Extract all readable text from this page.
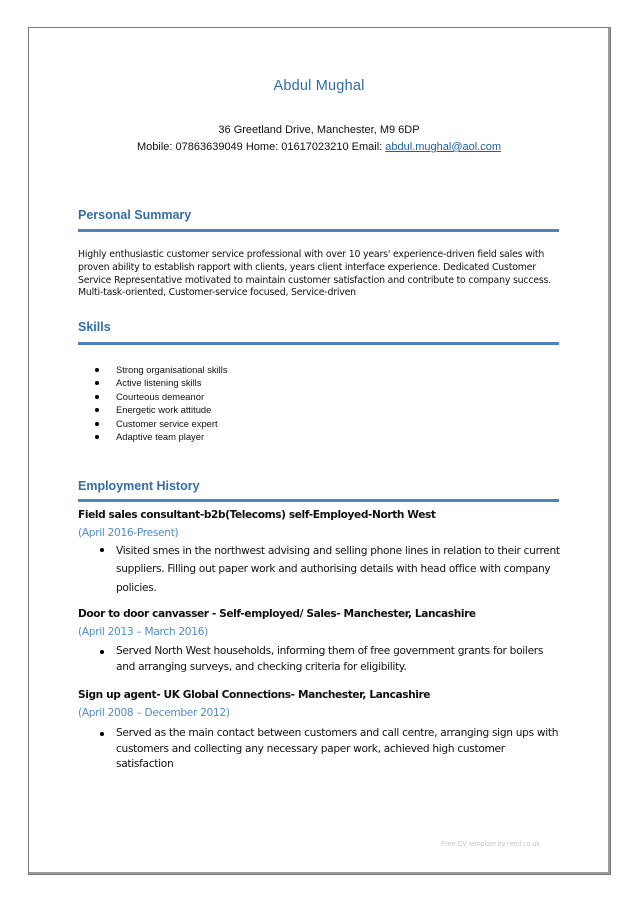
Abdul Mughal
36 Greetland Drive, Manchester, M9 6DP
Mobile: 07863639049 Home: 01617023210 Email: abdul.mughal@aol.com
Personal Summary
Highly enthusiastic customer service professional with over 10 years' experience-driven field sales with proven ability to establish rapport with clients, years client interface experience. Dedicated Customer Service Representative motivated to maintain customer satisfaction and contribute to company success. Multi-task-oriented, Customer-service focused, Service-driven
Skills
Strong organisational skills
Active listening skills
Courteous demeanor
Energetic work attitude
Customer service expert
Adaptive team player
Employment History
Field sales consultant-b2b(Telecoms) self-Employed-North West
(April 2016-Present)
Visited smes in the northwest advising and selling phone lines in relation to their current suppliers. Filling out paper work and authorising details with head office with company policies.
Door to door canvasser - Self-employed/ Sales- Manchester, Lancashire
(April 2013 – March 2016)
Served North West households, informing them of free government grants for boilers and arranging surveys, and checking criteria for eligibility.
Sign up agent- UK Global Connections- Manchester, Lancashire
(April 2008 – December 2012)
Served as the main contact between customers and call centre, arranging sign ups with customers and collecting any necessary paper work, achieved high customer satisfaction
Free CV template by reed.co.uk
